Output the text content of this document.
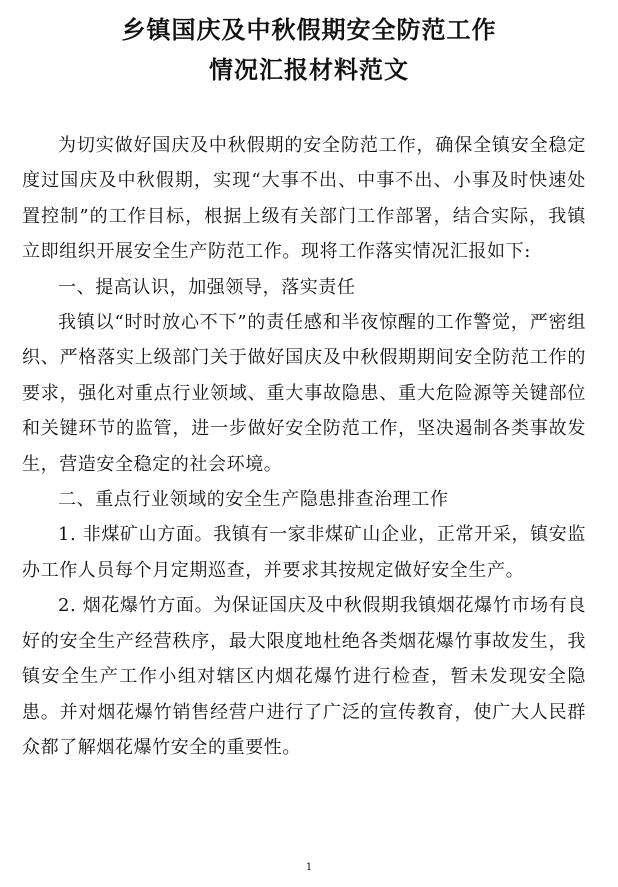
乡镇国庆及中秋假期安全防范工作
情况汇报材料范文

为切实做好国庆及中秋假期的安全防范工作，确保全镇安全稳定度过国庆及中秋假期，实现“大事不出、中事不出、小事及时快速处置控制”的工作目标，根据上级有关部门工作部署，结合实际，我镇立即组织开展安全生产防范工作。现将工作落实情况汇报如下:

一、提高认识，加强领导，落实责任

我镇以“时时放心不下”的责任感和半夜惊醒的工作警觉，严密组织、严格落实上级部门关于做好国庆及中秋假期期间安全防范工作的要求，强化对重点行业领域、重大事故隐患、重大危险源等关键部位和关键环节的监管，进一步做好安全防范工作，坚决遏制各类事故发生，营造安全稳定的社会环境。

二、重点行业领域的安全生产隐患排查治理工作

1. 非煤矿山方面。我镇有一家非煤矿山企业，正常开采，镇安监办工作人员每个月定期巡查，并要求其按规定做好安全生产。

2. 烟花爆竹方面。为保证国庆及中秋假期我镇烟花爆竹市场有良好的安全生产经营秩序，最大限度地杜绝各类烟花爆竹事故发生，我镇安全生产工作小组对辖区内烟花爆竹进行检查，暂未发现安全隐患。并对烟花爆竹销售经营户进行了广泛的宣传教育，使广大人民群众都了解烟花爆竹安全的重要性。

1
